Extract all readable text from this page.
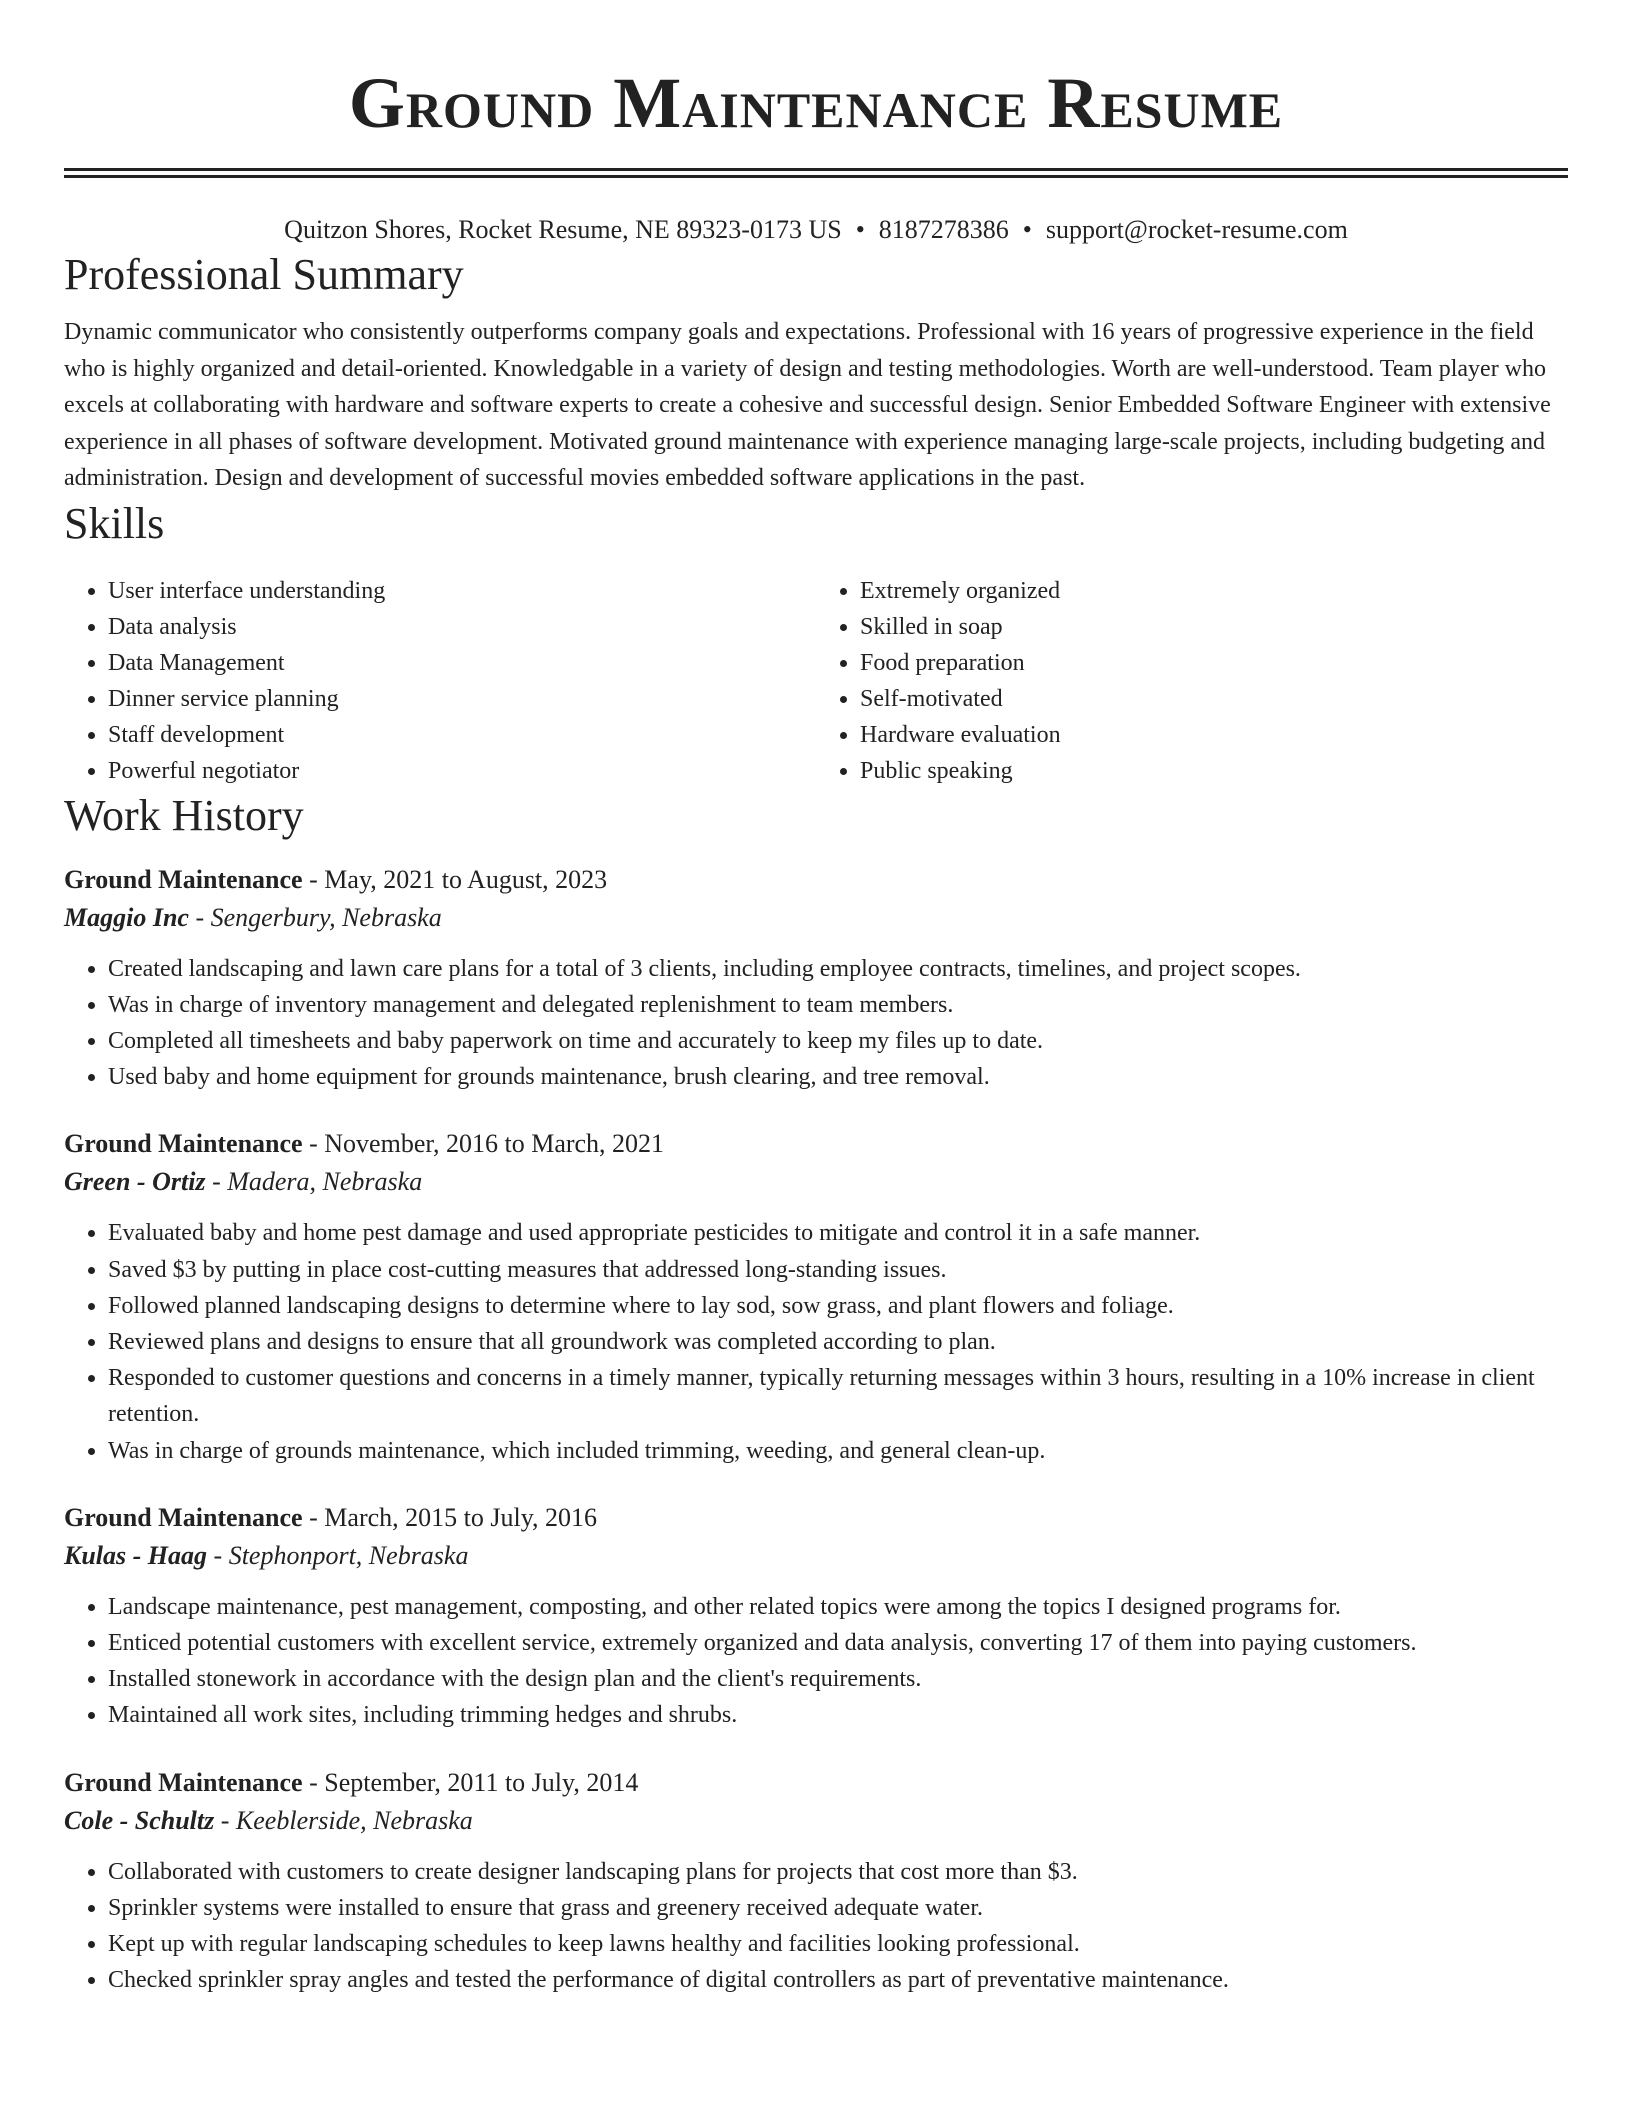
Ground Maintenance Resume
Quitzon Shores, Rocket Resume, NE 89323-0173 US • 8187278386 • support@rocket-resume.com
Professional Summary
Dynamic communicator who consistently outperforms company goals and expectations. Professional with 16 years of progressive experience in the field who is highly organized and detail-oriented. Knowledgable in a variety of design and testing methodologies. Worth are well-understood. Team player who excels at collaborating with hardware and software experts to create a cohesive and successful design. Senior Embedded Software Engineer with extensive experience in all phases of software development. Motivated ground maintenance with experience managing large-scale projects, including budgeting and administration. Design and development of successful movies embedded software applications in the past.
Skills
• User interface understanding
• Data analysis
• Data Management
• Dinner service planning
• Staff development
• Powerful negotiator
• Extremely organized
• Skilled in soap
• Food preparation
• Self-motivated
• Hardware evaluation
• Public speaking
Work History
Ground Maintenance - May, 2021 to August, 2023
Maggio Inc - Sengerbury, Nebraska
• Created landscaping and lawn care plans for a total of 3 clients, including employee contracts, timelines, and project scopes.
• Was in charge of inventory management and delegated replenishment to team members.
• Completed all timesheets and baby paperwork on time and accurately to keep my files up to date.
• Used baby and home equipment for grounds maintenance, brush clearing, and tree removal.
Ground Maintenance - November, 2016 to March, 2021
Green - Ortiz - Madera, Nebraska
• Evaluated baby and home pest damage and used appropriate pesticides to mitigate and control it in a safe manner.
• Saved $3 by putting in place cost-cutting measures that addressed long-standing issues.
• Followed planned landscaping designs to determine where to lay sod, sow grass, and plant flowers and foliage.
• Reviewed plans and designs to ensure that all groundwork was completed according to plan.
• Responded to customer questions and concerns in a timely manner, typically returning messages within 3 hours, resulting in a 10% increase in client retention.
• Was in charge of grounds maintenance, which included trimming, weeding, and general clean-up.
Ground Maintenance - March, 2015 to July, 2016
Kulas - Haag - Stephonport, Nebraska
• Landscape maintenance, pest management, composting, and other related topics were among the topics I designed programs for.
• Enticed potential customers with excellent service, extremely organized and data analysis, converting 17 of them into paying customers.
• Installed stonework in accordance with the design plan and the client's requirements.
• Maintained all work sites, including trimming hedges and shrubs.
Ground Maintenance - September, 2011 to July, 2014
Cole - Schultz - Keeblerside, Nebraska
• Collaborated with customers to create designer landscaping plans for projects that cost more than $3.
• Sprinkler systems were installed to ensure that grass and greenery received adequate water.
• Kept up with regular landscaping schedules to keep lawns healthy and facilities looking professional.
• Checked sprinkler spray angles and tested the performance of digital controllers as part of preventative maintenance.
